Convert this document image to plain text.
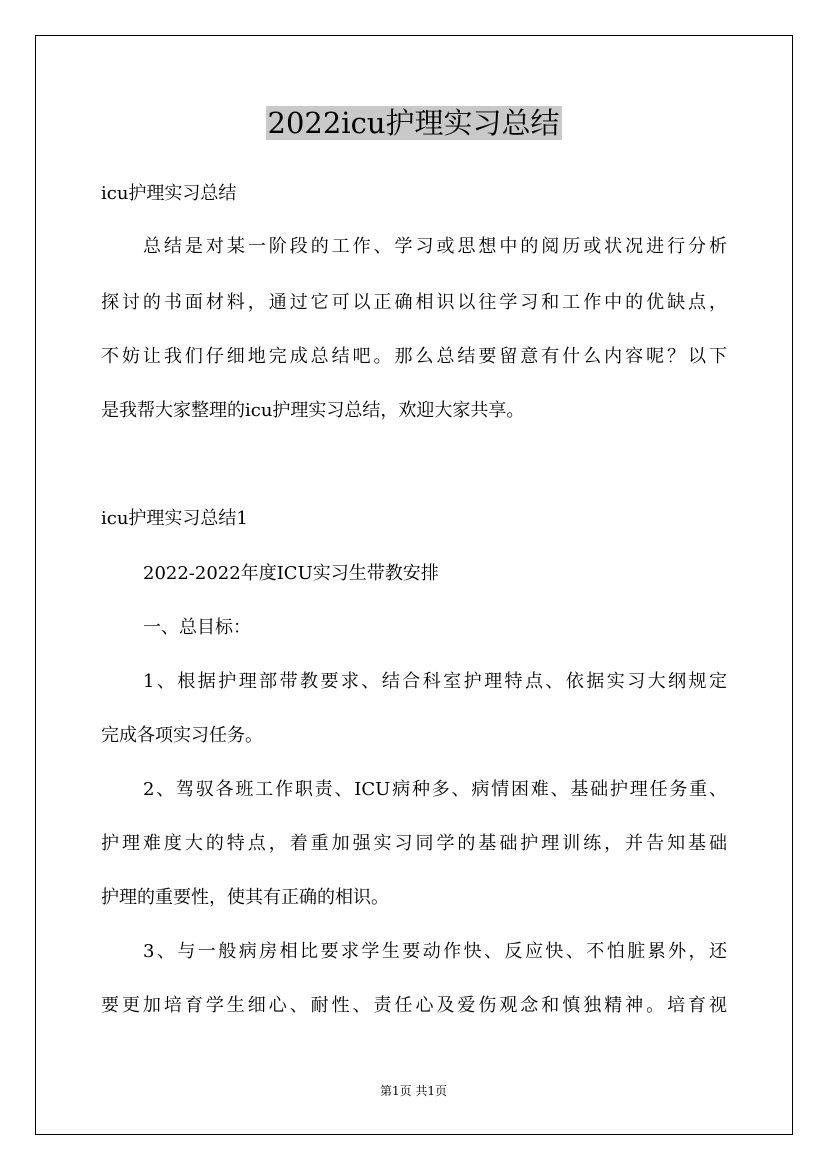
2022icu护理实习总结
icu护理实习总结
总结是对某一阶段的工作、学习或思想中的阅历或状况进行分析
探讨的书面材料，通过它可以正确相识以往学习和工作中的优缺点，
不妨让我们仔细地完成总结吧。那么总结要留意有什么内容呢？以下
是我帮大家整理的icu护理实习总结，欢迎大家共享。
icu护理实习总结1
2022-2022年度ICU实习生带教安排
一、总目标：
1、根据护理部带教要求、结合科室护理特点、依据实习大纲规定
完成各项实习任务。
2、驾驭各班工作职责、ICU病种多、病情困难、基础护理任务重、
护理难度大的特点，着重加强实习同学的基础护理训练，并告知基础
护理的重要性，使其有正确的相识。
3、与一般病房相比要求学生要动作快、反应快、不怕脏累外，还
要更加培育学生细心、耐性、责任心及爱伤观念和慎独精神。培育视
第1页 共1页
